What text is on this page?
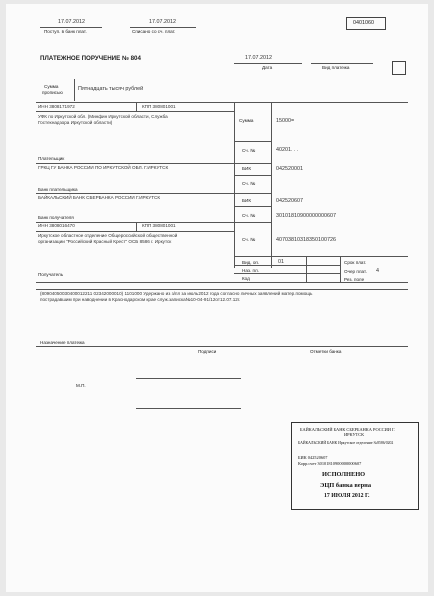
17.07.2012
Поступ. в банк плат.
17.07.2012
Списано со сч. плат.
0401060
ПЛАТЕЖНОЕ ПОРУЧЕНИЕ № 804	17.07.2012
Дата	Вид платежа
Сумма
прописью
Пятнадцать тысяч рублей
ИНН 3808171972	КПП 380801001
УФК по Иркутской обл. (Минфин Иркутской области, Служба
Гостехнадзора Иркутской области)
Плательщик
Сумма	15000=
Сч. №	40201. . .
ГРКЦ ГУ БАНКА РОССИИ ПО ИРКУТСКОЙ ОБЛ. Г.ИРКУТСК	БИК	042520001
Сч. №
Банк плательщика
БАЙКАЛЬСКИЙ БАНК СБЕРБАНКА РОССИИ Г.ИРКУТСК
БИК	042520607
Сч. №	30101810900000000607
Банк получателя
ИНН 3808016470	КПП 380801001
Иркутское областное отделение Общероссийской общественной
организации "Российский Красный Крест" ОСБ 8586 г. Иркутск	Сч. №	40703810318350100726
Получатель
Вид. оп.	01	Срок плат.
Наз. пл.	Очер плат. 4
Код	Рез. поле
(80904050030400012211 02342000010) 1101000 Удержано из з/пл за июль2012 года согласно личных заявлений матер.помощь
пострадавшим при наводнении в Краснодарском крае служ.записка№10-04-91/12от12.07.12г.
Назначение платежа
Подписи	Отметки банка
М.П.
БАЙКАЛЬСКИЙ БАНК СБЕРБАНКА РОССИИ Г.
ИРКУТСК
БАЙКАЛЬСКИЙ БАНК Иркутское отделение №8586/0202
БИК 042520607
Корр.счет 30101810900000000607
ИСПОЛНЕНО
ЭЦП банка верна
17 ИЮЛЯ 2012 Г.
